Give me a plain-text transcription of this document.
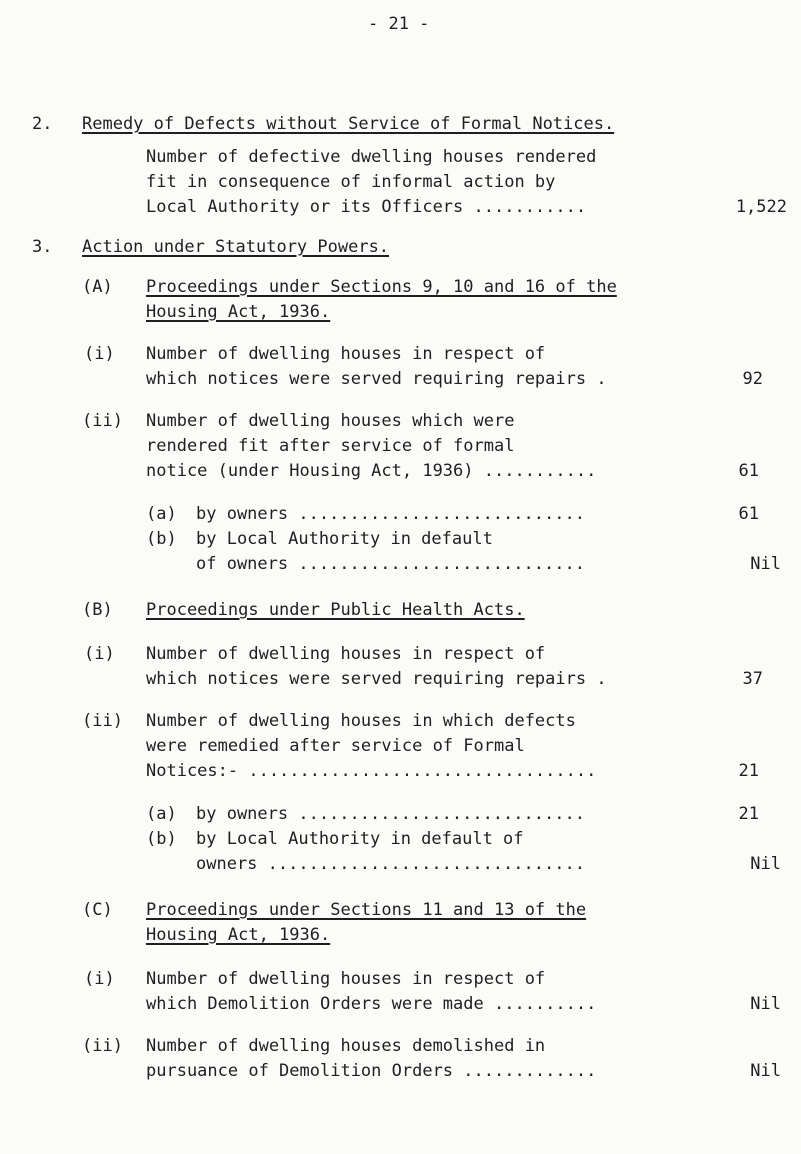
- 21 -
2. Remedy of Defects without Service of Formal Notices.
Number of defective dwelling houses rendered
fit in consequence of informal action by
Local Authority or its Officers ...........	1,522
3. Action under Statutory Powers.
(A) Proceedings under Sections 9, 10 and 16 of the
Housing Act, 1936.
(i) Number of dwelling houses in respect of
which notices were served requiring repairs .	92
(ii) Number of dwelling houses which were
rendered fit after service of formal
notice (under Housing Act, 1936) ...........	61
(a) by owners ............................	61
(b) by Local Authority in default
of owners ............................	Nil
(B) Proceedings under Public Health Acts.
(i) Number of dwelling houses in respect of
which notices were served requiring repairs .	37
(ii) Number of dwelling houses in which defects
were remedied after service of Formal
Notices:- ..................................	21
(a) by owners ............................	21
(b) by Local Authority in default of
owners ...............................	Nil
(C) Proceedings under Sections 11 and 13 of the
Housing Act, 1936.
(i) Number of dwelling houses in respect of
which Demolition Orders were made ..........	Nil
(ii) Number of dwelling houses demolished in
pursuance of Demolition Orders .............	Nil
